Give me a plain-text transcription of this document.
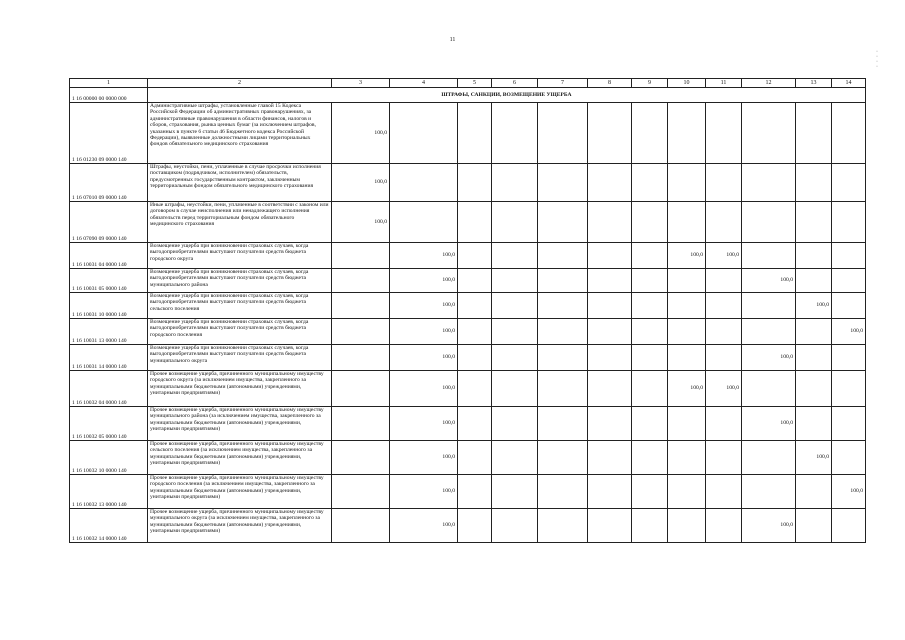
11
·
·
·
·
1	2	3	4	5	6	7	8	9	10	11	12	13	14
1 16 00000 00 0000 000	ШТРАФЫ, САНКЦИИ, ВОЗМЕЩЕНИЕ УЩЕРБА												
1 16 01230 09 0000 140	Административные штрафы, установленные главой 15 Кодекса Российской Федерации об административных правонарушениях, за административные правонарушения в области финансов, налогов и сборов, страхования, рынка ценных бумаг (за исключением штрафов, указанных в пункте 6 статьи 46 Бюджетного кодекса Российской Федерации), выявленные должностными лицами территориальных фондов обязательного медицинского страхования	100,0											
1 16 07010 09 0000 140	Штрафы, неустойки, пени, уплаченные в случае просрочки исполнения поставщиком (подрядчиком, исполнителем) обязательств, предусмотренных государственным контрактом, заключенным территориальным фондом обязательного медицинского страхования	100,0											
1 16 07090 09 0000 140	Иные штрафы, неустойки, пени, уплаченные в соответствии с законом или договором в случае неисполнения или ненадлежащего исполнения обязательств перед территориальным фондом обязательного медицинского страхования	100,0											
1 16 10031 04 0000 140	Возмещение ущерба при возникновении страховых случаев, когда выгодоприобретателями выступают получатели средств бюджета городского округа		100,0						100,0	100,0			
1 16 10031 05 0000 140	Возмещение ущерба при возникновении страховых случаев, когда выгодоприобретателями выступают получатели средств бюджета муниципального района		100,0								100,0		
1 16 10031 10 0000 140	Возмещение ущерба при возникновении страховых случаев, когда выгодоприобретателями выступают получатели средств бюджета сельского поселения		100,0									100,0	
1 16 10031 13 0000 140	Возмещение ущерба при возникновении страховых случаев, когда выгодоприобретателями выступают получатели средств бюджета городского поселения		100,0										100,0
1 16 10031 14 0000 140	Возмещение ущерба при возникновении страховых случаев, когда выгодоприобретателями выступают получатели средств бюджета муниципального округа		100,0								100,0		
1 16 10032 04 0000 140	Прочее возмещение ущерба, причиненного муниципальному имуществу городского округа (за исключением имущества, закрепленного за муниципальными бюджетными (автономными) учреждениями, унитарными предприятиями)		100,0						100,0	100,0			
1 16 10032 05 0000 140	Прочее возмещение ущерба, причиненного муниципальному имуществу муниципального района (за исключением имущества, закрепленного за муниципальными бюджетными (автономными) учреждениями, унитарными предприятиями)		100,0								100,0		
1 16 10032 10 0000 140	Прочее возмещение ущерба, причиненного муниципальному имуществу сельского поселения (за исключением имущества, закрепленного за муниципальными бюджетными (автономными) учреждениями, унитарными предприятиями)		100,0									100,0	
1 16 10032 13 0000 140	Прочее возмещение ущерба, причиненного муниципальному имуществу городского поселения (за исключением имущества, закрепленного за муниципальными бюджетными (автономными) учреждениями, унитарными предприятиями)		100,0										100,0
1 16 10032 14 0000 140	Прочее возмещение ущерба, причиненного муниципальному имуществу муниципального округа (за исключением имущества, закрепленного за муниципальными бюджетными (автономными) учреждениями, унитарными предприятиями)		100,0								100,0		
